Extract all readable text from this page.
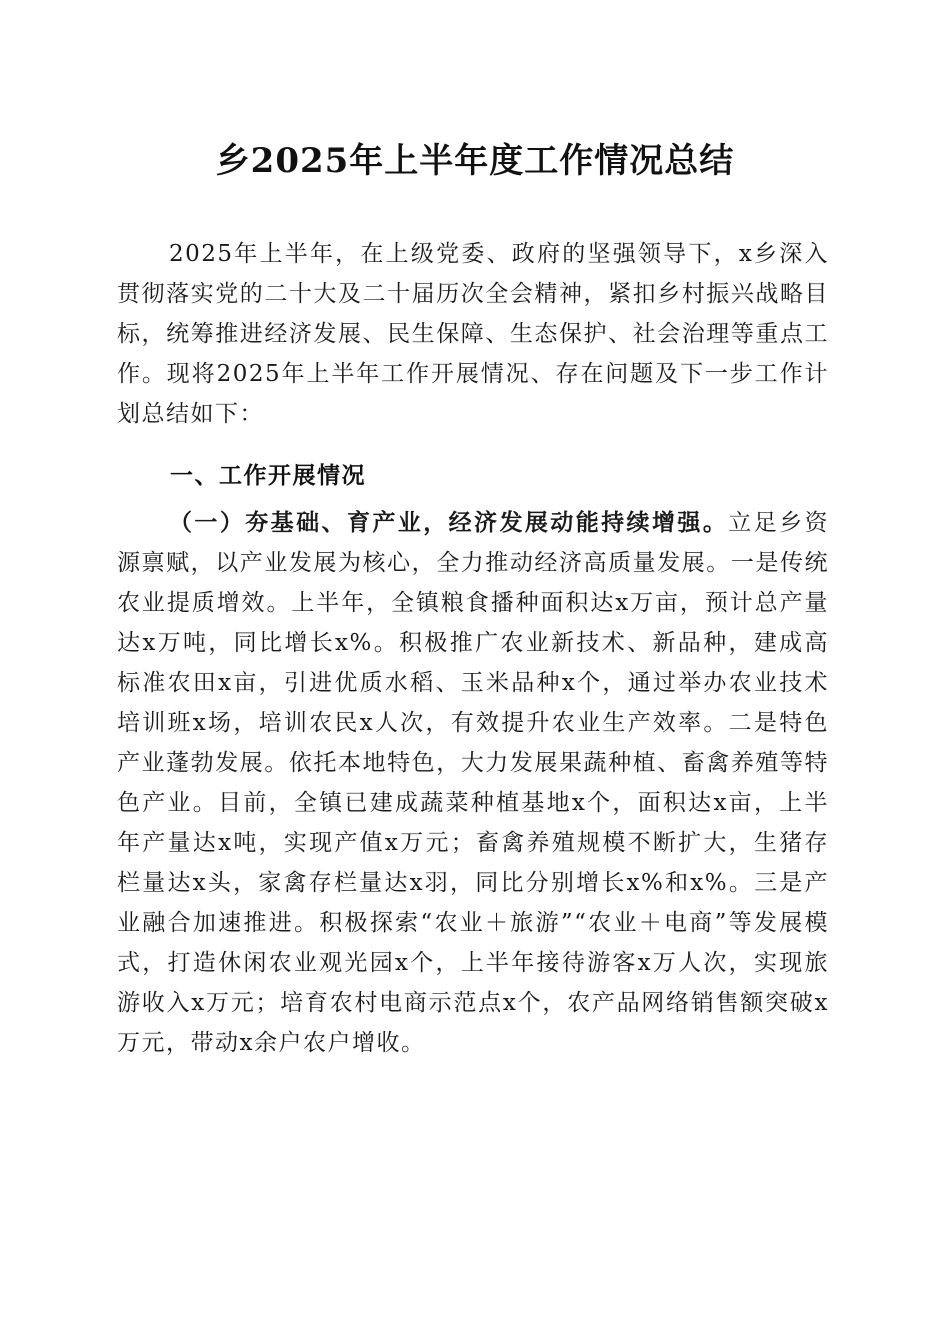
乡2025年上半年度工作情况总结
2025年上半年，在上级党委、政府的坚强领导下，x乡深入贯彻落实党的二十大及二十届历次全会精神，紧扣乡村振兴战略目标，统筹推进经济发展、民生保障、生态保护、社会治理等重点工作。现将2025年上半年工作开展情况、存在问题及下一步工作计划总结如下：
一、工作开展情况
（一）夯基础、育产业，经济发展动能持续增强。立足乡资源禀赋，以产业发展为核心，全力推动经济高质量发展。一是传统农业提质增效。上半年，全镇粮食播种面积达x万亩，预计总产量达x万吨，同比增长x%。积极推广农业新技术、新品种，建成高标准农田x亩，引进优质水稻、玉米品种x个，通过举办农业技术培训班x场，培训农民x人次，有效提升农业生产效率。二是特色产业蓬勃发展。依托本地特色，大力发展果蔬种植、畜禽养殖等特色产业。目前，全镇已建成蔬菜种植基地x个，面积达x亩，上半年产量达x吨，实现产值x万元；畜禽养殖规模不断扩大，生猪存栏量达x头，家禽存栏量达x羽，同比分别增长x%和x%。三是产业融合加速推进。积极探索“农业＋旅游”“农业＋电商”等发展模式，打造休闲农业观光园x个，上半年接待游客x万人次，实现旅游收入x万元；培育农村电商示范点x个，农产品网络销售额突破x万元，带动x余户农户增收。
